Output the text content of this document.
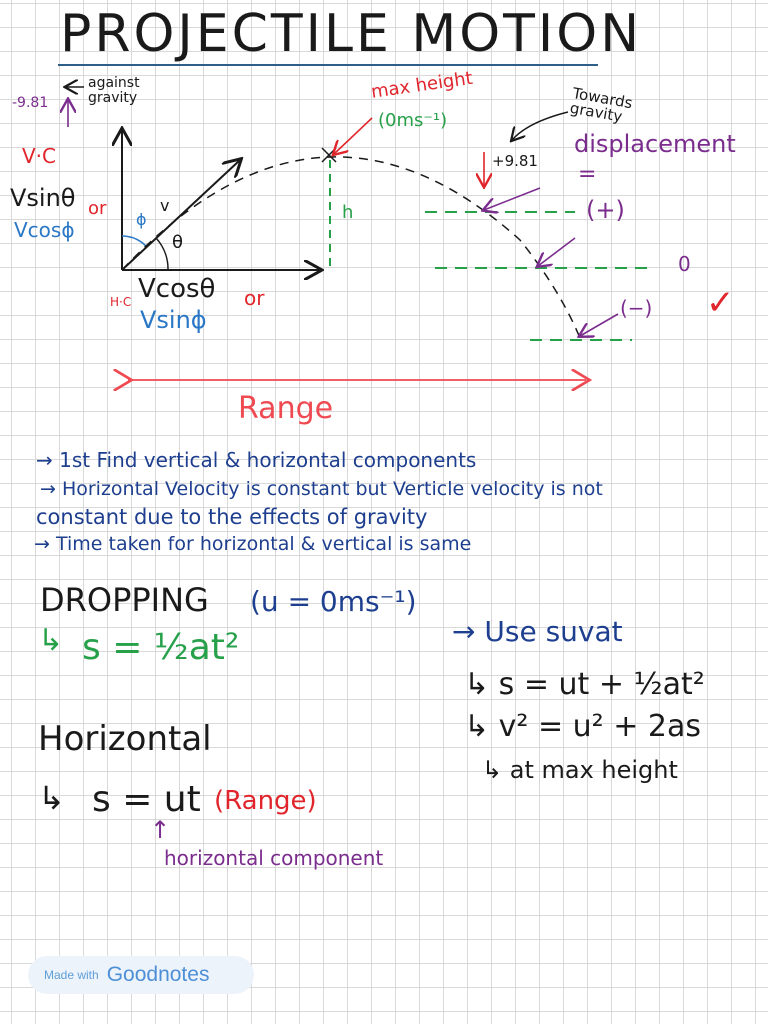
PROJECTILE MOTION
-9.81
against
gravity
V·C
Vsinθ or
Vcosϕ	ϕ
v
θ
H·C Vcosθ or
Vsinϕ
max height
(0ms⁻¹)
h
Towards
gravity
+9.81
displacement
=
(+)
0
(−) ✓
Range
→ 1st Find vertical & horizontal components
→ Horizontal Velocity is constant but Verticle velocity is not
constant due to the effects of gravity
→ Time taken for horizontal & vertical is same
DROPPING (u = 0ms⁻¹)
↳ s = ½at²	→ Use suvat
↳ s = ut + ½at²
↳ v² = u² + 2as
↳ at max height
Horizontal
↳ s = ut (Range)
↑
horizontal component
Made with Goodnotes
